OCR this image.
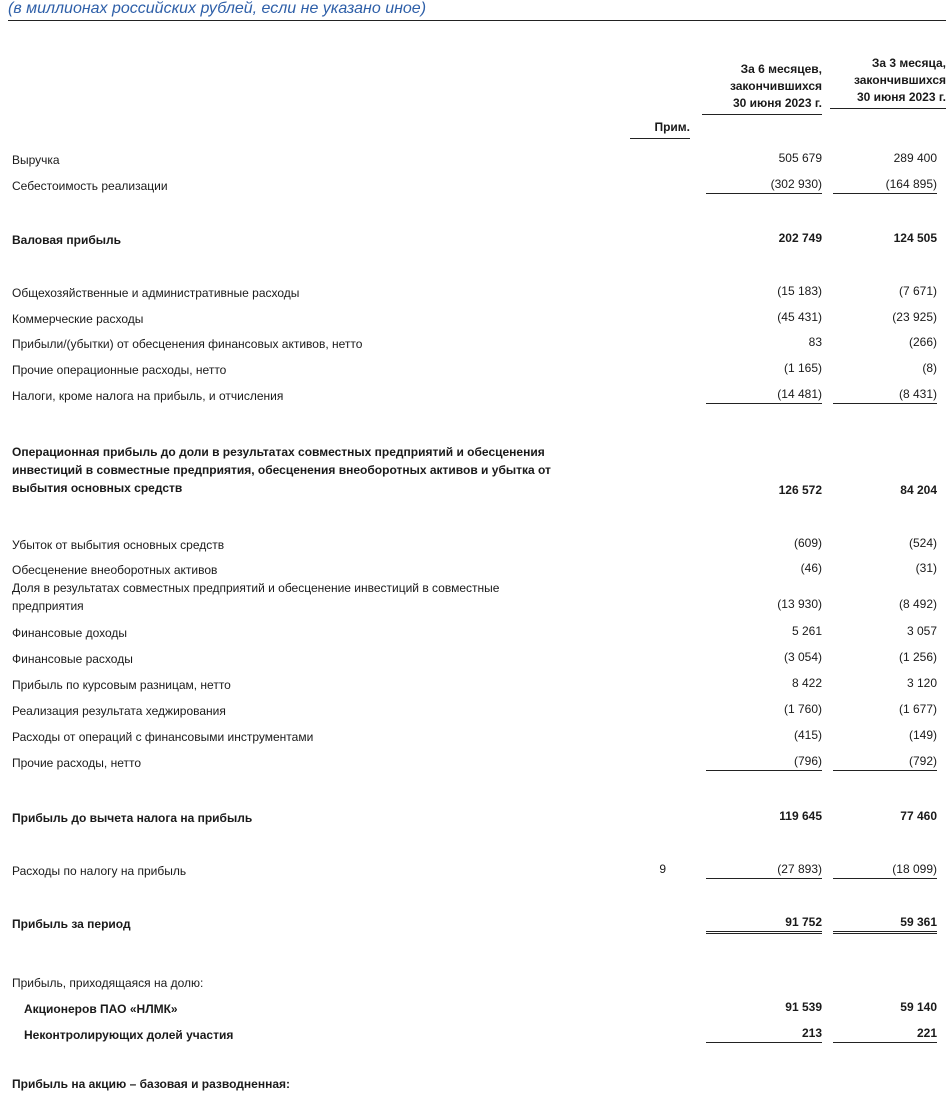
(в миллионах российских рублей, если не указано иное)
Прим.
За 6 месяцев,
закончившихся
30 июня 2023 г.
За 3 месяца,
закончившихся
30 июня 2023 г.
Выручка	505 679	289 400
Себестоимость реализации	(302 930)	(164 895)
Валовая прибыль	202 749	124 505
Общехозяйственные и административные расходы	(15 183)	(7 671)
Коммерческие расходы	(45 431)	(23 925)
Прибыли/(убытки) от обесценения финансовых активов, нетто	83	(266)
Прочие операционные расходы, нетто	(1 165)	(8)
Налоги, кроме налога на прибыль, и отчисления	(14 481)	(8 431)
Операционная прибыль до доли в результатах совместных предприятий и обесценения
инвестиций в совместные предприятия, обесценения внеоборотных активов и убытка от
выбытия основных средств	126 572	84 204
Убыток от выбытия основных средств	(609)	(524)
Обесценение внеоборотных активов	(46)	(31)
Доля в результатах совместных предприятий и обесценение инвестиций в совместные
предприятия	(13 930)	(8 492)
Финансовые доходы	5 261	3 057
Финансовые расходы	(3 054)	(1 256)
Прибыль по курсовым разницам, нетто	8 422	3 120
Реализация результата хеджирования	(1 760)	(1 677)
Расходы от операций с финансовыми инструментами	(415)	(149)
Прочие расходы, нетто	(796)	(792)
Прибыль до вычета налога на прибыль	119 645	77 460
Расходы по налогу на прибыль	9	(27 893)	(18 099)
Прибыль за период	91 752	59 361
Прибыль, приходящаяся на долю:
Акционеров ПАО «НЛМК»	91 539	59 140
Неконтролирующих долей участия	213	221
Прибыль на акцию – базовая и разводненная:
